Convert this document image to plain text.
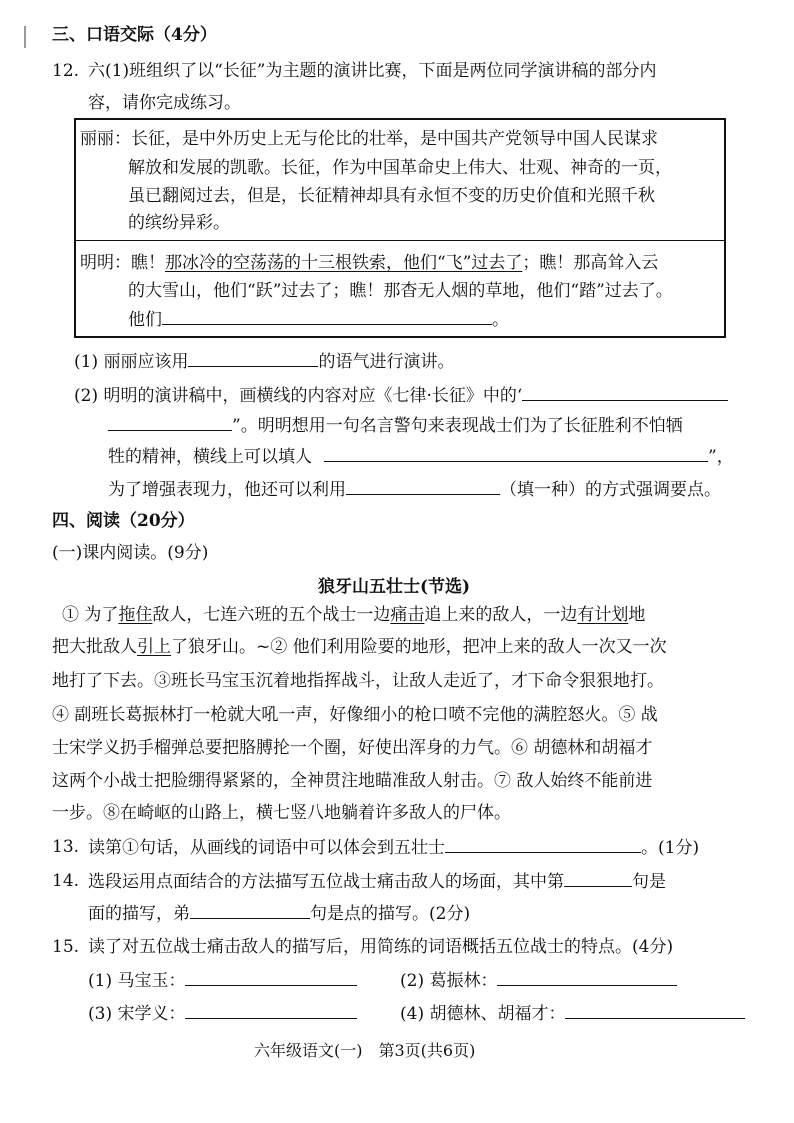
三、口语交际（4分）
12. 六(1)班组织了以“长征”为主题的演讲比赛，下面是两位同学演讲稿的部分内
容，请你完成练习。
丽丽：长征，是中外历史上无与伦比的壮举，是中国共产党领导中国人民谋求
解放和发展的凯歌。长征，作为中国革命史上伟大、壮观、神奇的一页，
虽已翻阅过去，但是，长征精神却具有永恒不变的历史价值和光照千秋
的缤纷异彩。
明明：瞧！那冰冷的空荡荡的十三根铁索，他们“飞”过去了；瞧！那高耸入云
的大雪山，他们“跃”过去了；瞧！那杳无人烟的草地，他们“踏”过去了。
他们	。
(1) 丽丽应该用	的语气进行演讲。
(2) 明明的演讲稿中，画横线的内容对应《七律·长征》中的‘
”。明明想用一句名言警句来表现战士们为了长征胜利不怕牺
牲的精神，横线上可以填人	”，
为了增强表现力，他还可以利用	（填一种）的方式强调要点。
四、阅读（20分）
(一)课内阅读。(9分)
狼牙山五壮士(节选)
① 为了拖住敌人，七连六班的五个战士一边痛击追上来的敌人，一边有计划地
把大批敌人引上了狼牙山。~② 他们利用险要的地形，把冲上来的敌人一次又一次
地打了下去。③班长马宝玉沉着地指挥战斗，让敌人走近了，才下命令狠狠地打。
④ 副班长葛振林打一枪就大吼一声，好像细小的枪口喷不完他的满腔怒火。⑤ 战
士宋学义扔手榴弹总要把胳膊抡一个圈，好使出浑身的力气。⑥ 胡德林和胡福才
这两个小战士把脸绷得紧紧的，全神贯注地瞄准敌人射击。⑦ 敌人始终不能前进
一步。⑧在崎岖的山路上，横七竖八地躺着许多敌人的尸体。
13. 读第①句话，从画线的词语中可以体会到五壮士	。(1分)
14. 选段运用点面结合的方法描写五位战士痛击敌人的场面，其中第	句是
面的描写，弟	句是点的描写。(2分)
15. 读了对五位战士痛击敌人的描写后，用简练的词语概括五位战士的特点。(4分)
(1) 马宝玉：	(2) 葛振林：
(3) 宋学义：	(4) 胡德林、胡福才：
六年级语文(一)　第3页(共6页)
